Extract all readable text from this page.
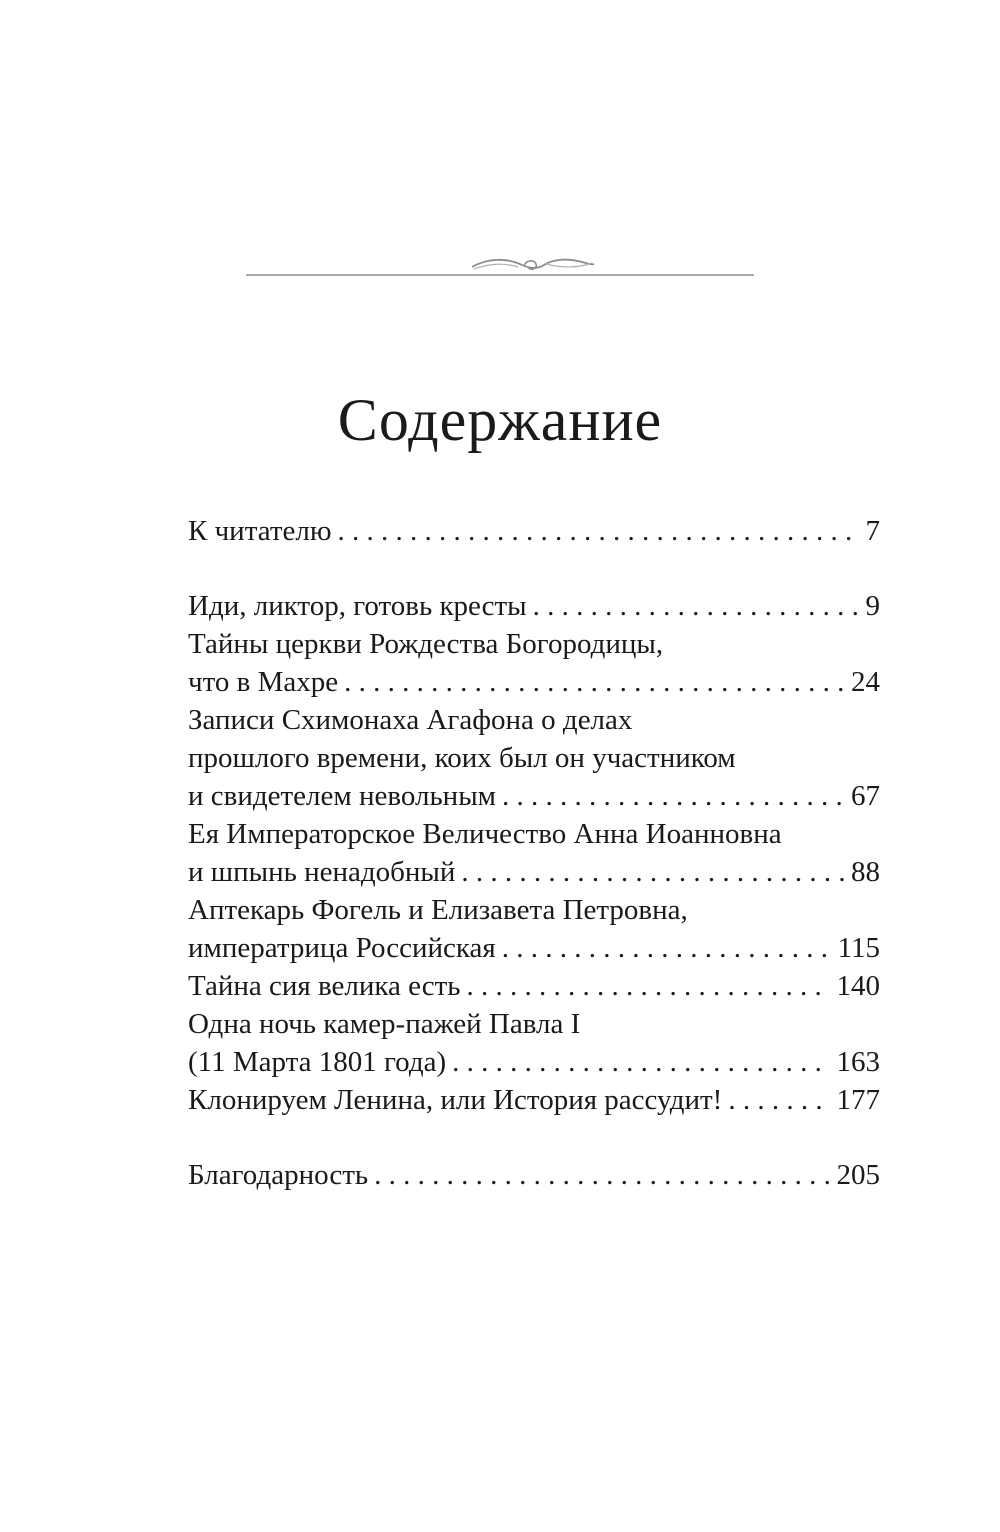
Содержание
К читателю . . .	7
Иди, ликтор, готовь кресты . . .	9
Тайны церкви Рождества Богородицы,
что в Махре . . .	24
Записи Схимонаха Агафона о делах
прошлого времени, коих был он участником
и свидетелем невольным . . .	67
Ея Императорское Величество Анна Иоанновна
и шпынь ненадобный . . .	88
Аптекарь Фогель и Елизавета Петровна,
императрица Российская . . .	115
Тайна сия велика есть . . .	140
Одна ночь камер-пажей Павла I
(11 Марта 1801 года) . . .	163
Клонируем Ленина, или История рассудит! . . .	177
Благодарность . . .	205
